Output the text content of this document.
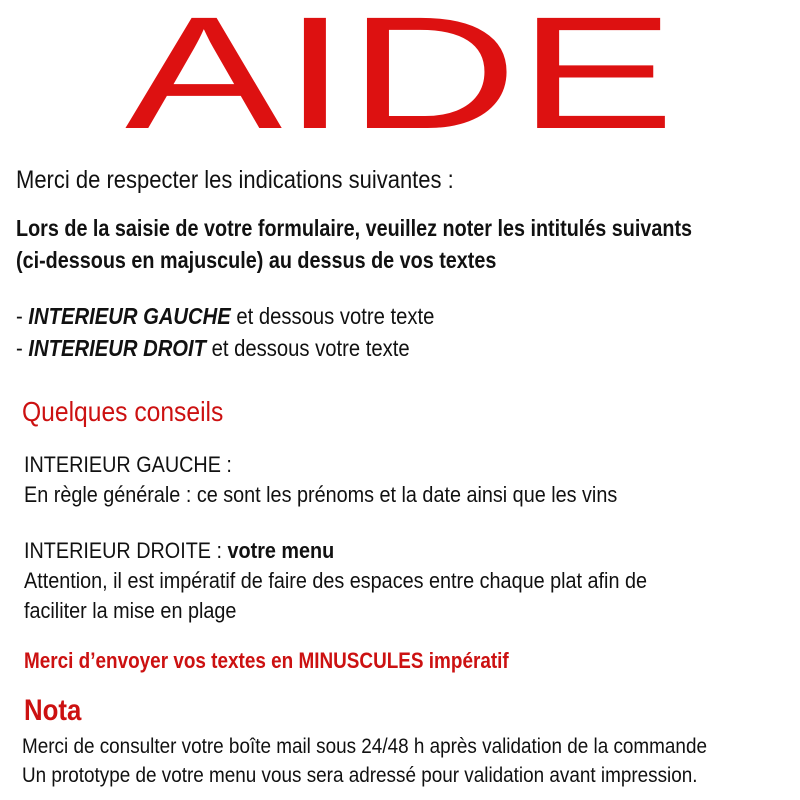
AIDE
Merci de respecter les indications suivantes :
Lors de la saisie de votre formulaire, veuillez noter les intitulés suivants
(ci-dessous en majuscule) au dessus de vos textes
- INTERIEUR GAUCHE et dessous votre texte
- INTERIEUR DROIT et dessous votre texte
Quelques conseils
INTERIEUR GAUCHE :
En règle générale : ce sont les prénoms et la date ainsi que les vins
INTERIEUR DROITE : votre menu
Attention, il est impératif de faire des espaces entre chaque plat afin de
faciliter la mise en plage
Merci d’envoyer vos textes en MINUSCULES impératif
Nota
Merci de consulter votre boîte mail sous 24/48 h après validation de la commande
Un prototype de votre menu vous sera adressé pour validation avant impression.
